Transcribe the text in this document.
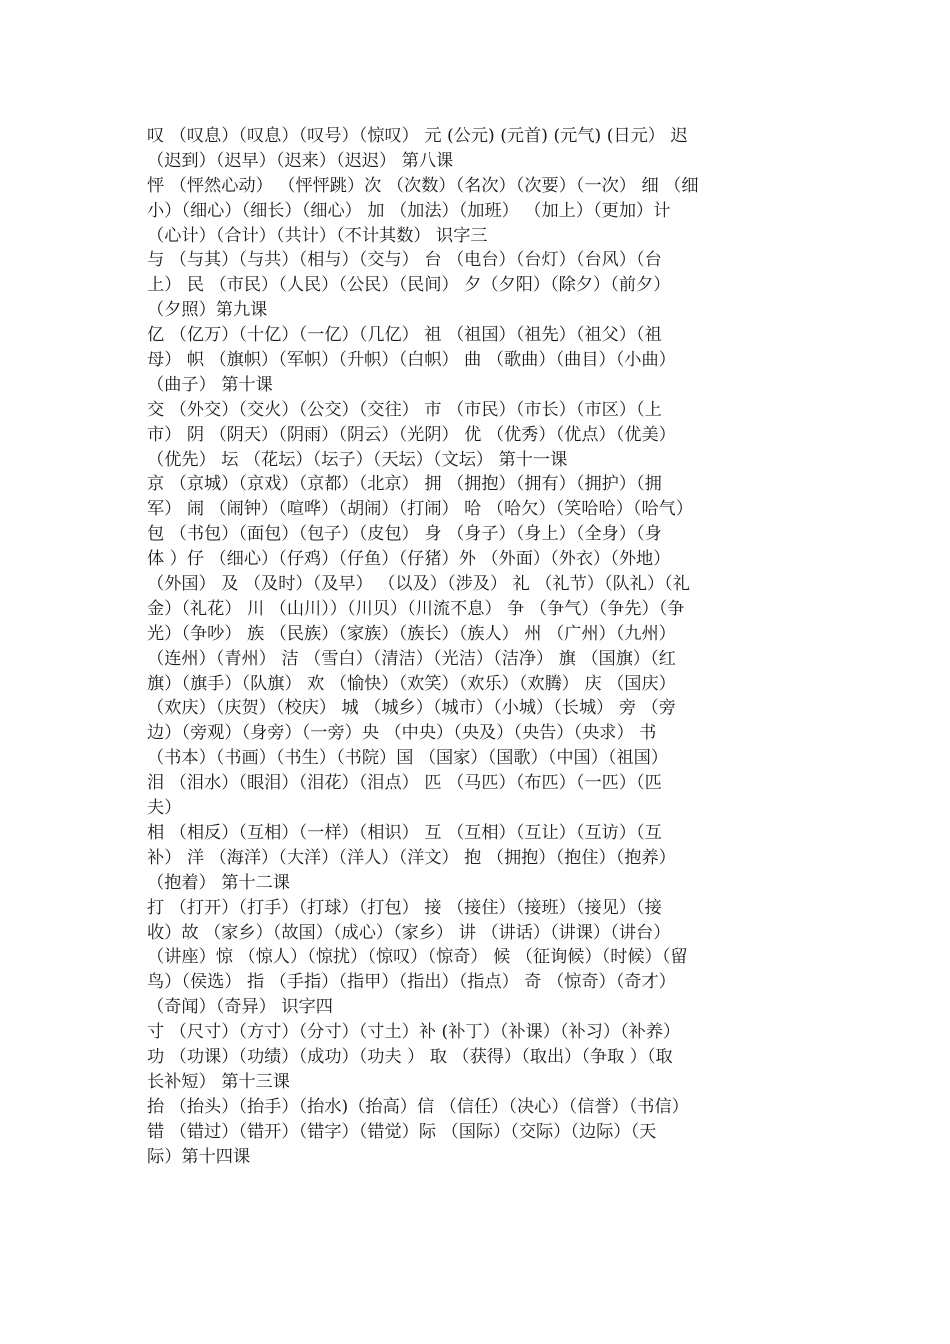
叹 （叹息）（叹息）（叹号）（惊叹） 元 (公元) (元首) (元气) (日元） 迟
（迟到）（迟早）（迟来）（迟迟） 第八课
怦 （怦然心动） （怦怦跳）次 （次数）（名次）（次要）（一次） 细 （细
小）（细心）（细长）（细心） 加 （加法）（加班） （加上）（更加）计
（心计）（合计）（共计）（不计其数） 识字三
与 （与其）（与共）（相与）（交与） 台 （电台）（台灯）（台风）（台
上） 民 （市民）（人民）（公民）（民间） 夕（夕阳）（除夕）（前夕）
（夕照）第九课
亿 （亿万）（十亿）（一亿）（几亿） 祖 （祖国）（祖先）（祖父）（祖
母） 帜 （旗帜）（军帜）（升帜）（白帜） 曲 （歌曲）（曲目）（小曲）
（曲子） 第十课
交 （外交）（交火）（公交）（交往） 市 （市民）（市长）（市区）（上
市） 阴 （阴天）（阴雨）（阴云）（光阴） 优 （优秀）（优点）（优美）
（优先） 坛 （花坛）（坛子）（天坛）（文坛） 第十一课
京 （京城）（京戏）（京都）（北京） 拥 （拥抱）（拥有）（拥护）（拥
军） 闹 （闹钟）（喧哗）（胡闹）（打闹） 哈 （哈欠）（笑哈哈）（哈气）
包 （书包）（面包）（包子）（皮包） 身 （身子）（身上）（全身）（身
体 ）仔 （细心）（仔鸡）（仔鱼）（仔猪）外 （外面）（外衣）（外地）
（外国） 及 （及时）（及早） （以及）（涉及） 礼 （礼节）（队礼）（礼
金）（礼花） 川 （山川））（川贝）（川流不息） 争 （争气）（争先）（争
光）（争吵） 族 （民族）（家族）（族长）（族人） 州 （广州）（九州）
（连州）（青州） 洁 （雪白）（清洁）（光洁）（洁净） 旗 （国旗）（红
旗）（旗手）（队旗） 欢 （愉快）（欢笑）（欢乐）（欢腾） 庆 （国庆）
（欢庆）（庆贺）（校庆） 城 （城乡）（城市）（小城）（长城） 旁 （旁
边）（旁观）（身旁）（一旁）央 （中央）（央及）（央告）（央求） 书
（书本）（书画）（书生）（书院）国 （国家）（国歌）（中国）（祖国）
泪 （泪水）（眼泪）（泪花）（泪点） 匹 （马匹）（布匹）（一匹）（匹
夫）
相 （相反）（互相）（一样）（相识） 互 （互相）（互让）（互访）（互
补） 洋 （海洋）（大洋）（洋人）（洋文） 抱 （拥抱）（抱住）（抱养）
（抱着） 第十二课
打 （打开）（打手）（打球）（打包） 接 （接住）（接班）（接见）（接
收）故 （家乡）（故国）（成心）（家乡） 讲 （讲话）（讲课）（讲台）
（讲座）惊 （惊人）（惊扰）（惊叹）（惊奇） 候 （征询候）（时候）（留
鸟）（侯选） 指 （手指）（指甲）（指出）（指点） 奇 （惊奇）（奇才）
（奇闻）（奇异） 识字四
寸 （尺寸）（方寸）（分寸）（寸土）补 (补丁）（补课）（补习）（补养）
功 （功课）（功绩）（成功）（功夫 ） 取 （获得）（取出）（争取 ）（取
长补短） 第十三课
抬 （抬头）（抬手）（抬水)（抬高）信 （信任）（决心）（信誉）（书信）
错 （错过）（错开）（错字）（错觉）际 （国际）（交际）（边际）（天
际）第十四课
